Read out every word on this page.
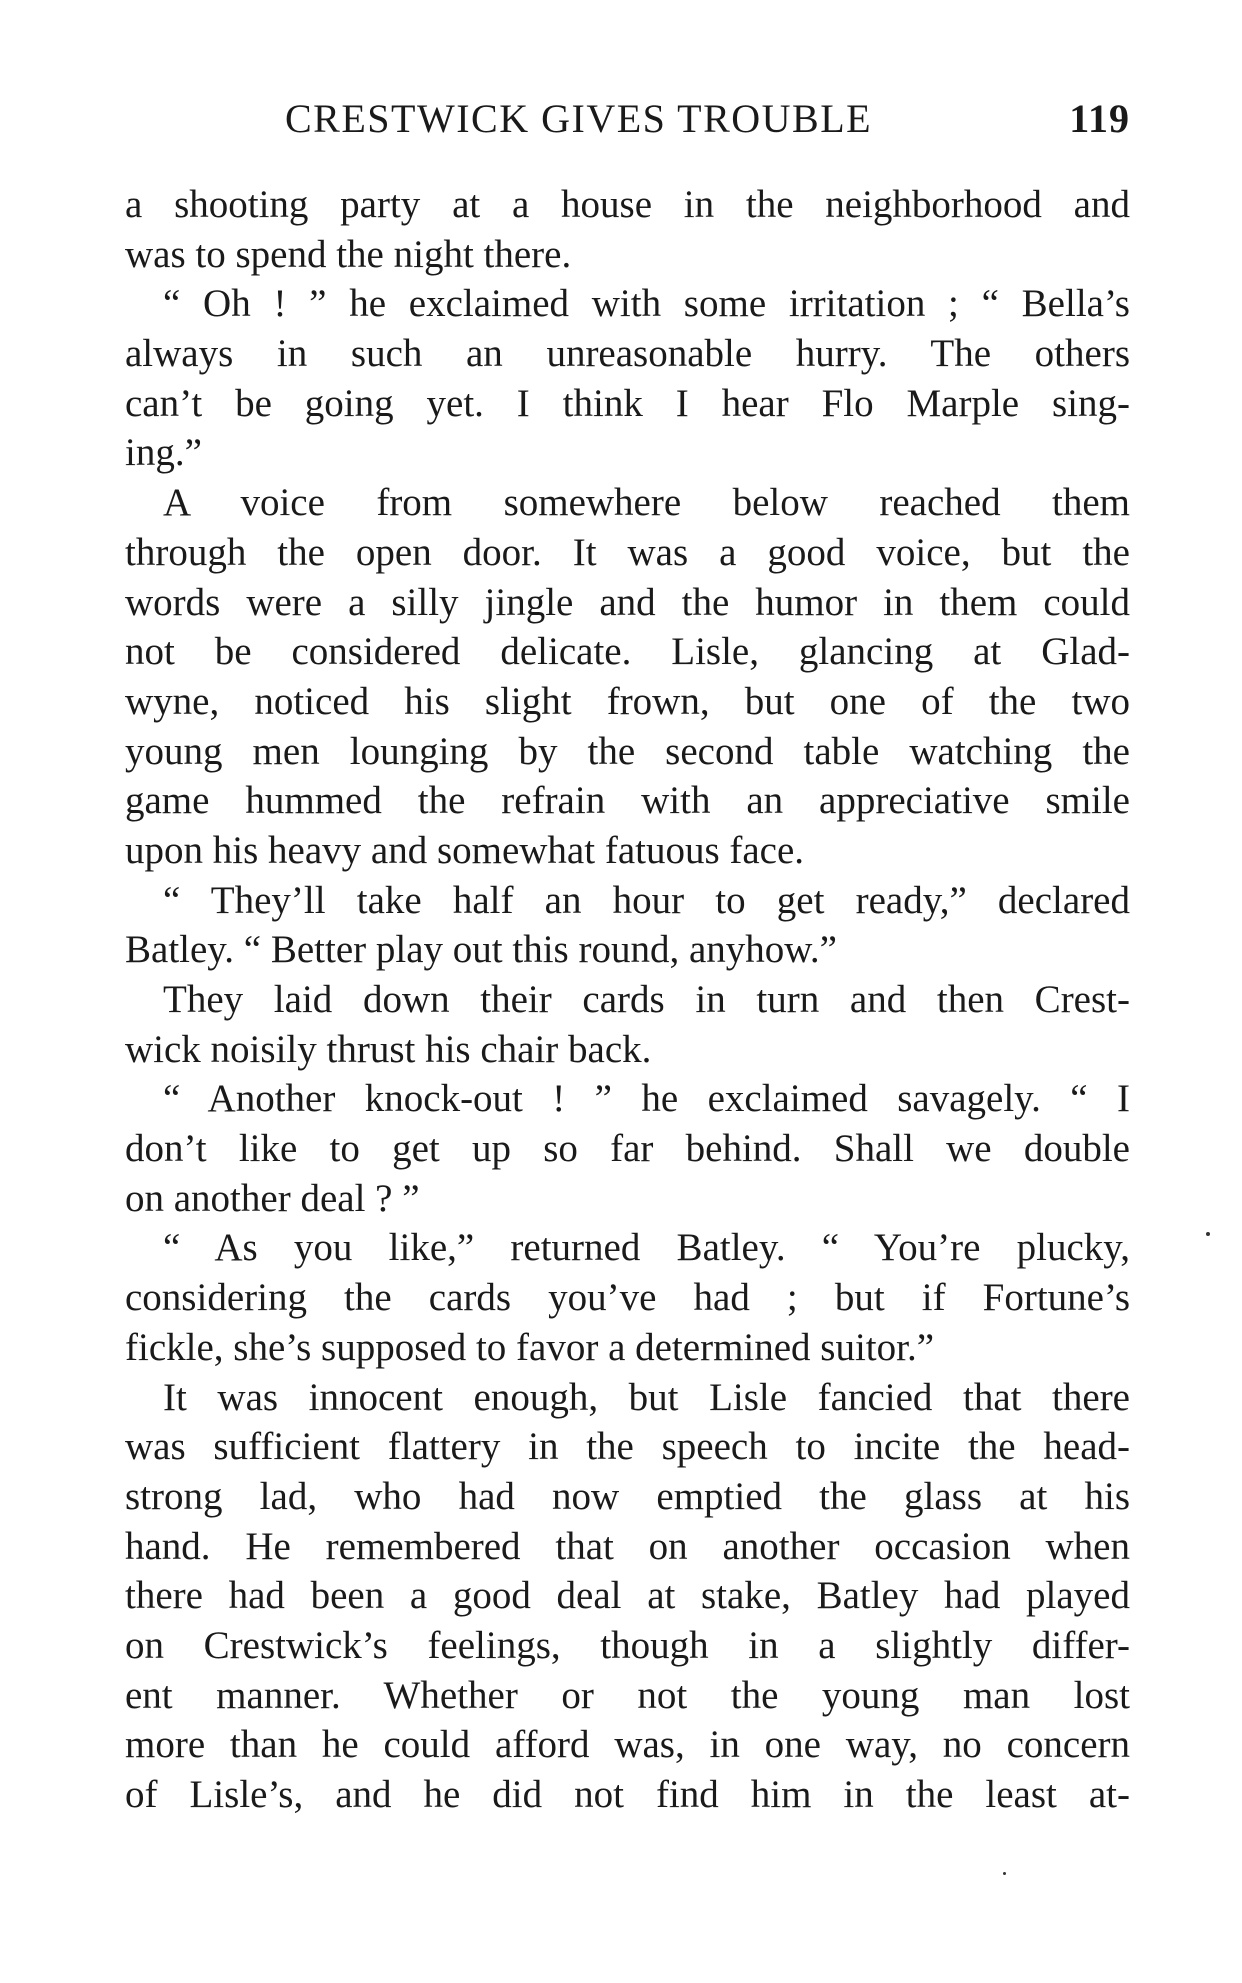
CRESTWICK GIVES TROUBLE	119
a shooting party at a house in the neighborhood and
was to spend the night there.
“ Oh ! ” he exclaimed with some irritation ; “ Bella’s
always in such an unreasonable hurry. The others
can’t be going yet. I think I hear Flo Marple sing-
ing.”
A voice from somewhere below reached them
through the open door. It was a good voice, but the
words were a silly jingle and the humor in them could
not be considered delicate. Lisle, glancing at Glad-
wyne, noticed his slight frown, but one of the two
young men lounging by the second table watching the
game hummed the refrain with an appreciative smile
upon his heavy and somewhat fatuous face.
“ They’ll take half an hour to get ready,” declared
Batley. “ Better play out this round, anyhow.”
They laid down their cards in turn and then Crest-
wick noisily thrust his chair back.
“ Another knock-out ! ” he exclaimed savagely. “ I
don’t like to get up so far behind. Shall we double
on another deal ? ”
“ As you like,” returned Batley. “ You’re plucky,
considering the cards you’ve had ; but if Fortune’s
fickle, she’s supposed to favor a determined suitor.”
It was innocent enough, but Lisle fancied that there
was sufficient flattery in the speech to incite the head-
strong lad, who had now emptied the glass at his
hand. He remembered that on another occasion when
there had been a good deal at stake, Batley had played
on Crestwick’s feelings, though in a slightly differ-
ent manner. Whether or not the young man lost
more than he could afford was, in one way, no concern
of Lisle’s, and he did not find him in the least at-
